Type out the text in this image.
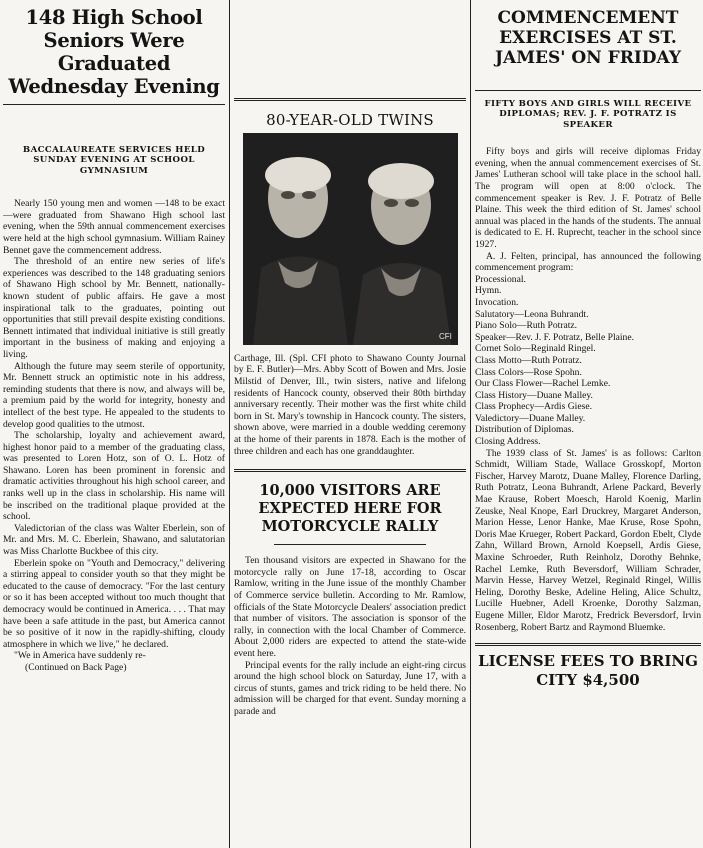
148 High School Seniors Were Graduated Wednesday Evening
BACCALAUREATE SERVICES HELD SUNDAY EVENING AT SCHOOL GYMNASIUM

Nearly 150 young men and women —148 to be exact—were graduated from Shawano High school last evening, when the 59th annual commencement exercises were held at the high school gymnasium. William Rainey Bennet gave the commencement address.

The threshold of an entire new series of life's experiences was described to the 148 graduating seniors of Shawano High school by Mr. Bennett, nationally-known student of public affairs. He gave a most inspirational talk to the graduates, pointing out opportunities that still prevail despite existing conditions. Bennett intimated that individual initiative is still greatly important in the business of making and enjoying a living.

Although the future may seem sterile of opportunity, Mr. Bennett struck an optimistic note in his address, reminding students that there is now, and always will be, a premium paid by the world for integrity, honesty and intellect of the best type. He appealed to the students to develop good qualities to the utmost.

The scholarship, loyalty and achievement award, highest honor paid to a member of the graduating class, was presented to Loren Hotz, son of O. L. Hotz of Shawano. Loren has been prominent in forensic and dramatic activities throughout his high school career, and ranks well up in the class in scholarship. His name will be inscribed on the traditional plaque provided at the school.

Valedictorian of the class was Walter Eberlein, son of Mr. and Mrs. M. C. Eberlein, Shawano, and salutatorian was Miss Charlotte Buckbee of this city.

Eberlein spoke on "Youth and Democracy," delivering a stirring appeal to consider youth so that they might be educated to the cause of democracy. "For the last century or so it has been accepted without too much thought that democracy would be continued in America. . . . That may have been a safe attitude in the past, but America cannot be so positive of it now in the rapidly-shifting, cloudy atmosphere in which we live," he declared.

"We in America have suddenly re-

(Continued on Back Page)

80-YEAR-OLD TWINS
CFI

Carthage, Ill. (Spl. CFI photo to Shawano County Journal by E. F. Butler)—Mrs. Abby Scott of Bowen and Mrs. Josie Milstid of Denver, Ill., twin sisters, native and lifelong residents of Hancock county, observed their 80th birthday anniversary recently. Their mother was the first white child born in St. Mary's township in Hancock county. The sisters, shown above, were married in a double wedding ceremony at the home of their parents in 1878. Each is the mother of three children and each has one granddaughter.

10,000 VISITORS ARE EXPECTED HERE FOR MOTORCYCLE RALLY

Ten thousand visitors are expected in Shawano for the motorcycle rally on June 17-18, according to Oscar Ramlow, writing in the June issue of the monthly Chamber of Commerce service bulletin. According to Mr. Ramlow, officials of the State Motorcycle Dealers' association predict that number of visitors. The association is sponsor of the rally, in connection with the local Chamber of Commerce. About 2,000 riders are expected to attend the state-wide event here.

Principal events for the rally include an eight-ring circus around the high school block on Saturday, June 17, with a circus of stunts, games and trick riding to be held there. No admission will be charged for that event. Sunday morning a parade and

COMMENCEMENT EXERCISES AT ST. JAMES' ON FRIDAY
FIFTY BOYS AND GIRLS WILL RECEIVE DIPLOMAS; REV. J. F. POTRATZ IS SPEAKER

Fifty boys and girls will receive diplomas Friday evening, when the annual commencement exercises of St. James' Lutheran school will take place in the school hall. The program will open at 8:00 o'clock. The commencement speaker is Rev. J. F. Potratz of Belle Plaine. This week the third edition of St. James' school annual was placed in the hands of the students. The annual is dedicated to E. H. Ruprecht, teacher in the school since 1927.

A. J. Felten, principal, has announced the following commencement program:

Processional.

Hymn.

Invocation.

Salutatory—Leona Buhrandt.

Piano Solo—Ruth Potratz.

Speaker—Rev. J. F. Potratz, Belle Plaine.

Cornet Solo—Reginald Ringel.

Class Motto—Ruth Potratz.

Class Colors—Rose Spohn.

Our Class Flower—Rachel Lemke.

Class History—Duane Malley.

Class Prophecy—Ardis Giese.

Valedictory—Duane Malley.

Distribution of Diplomas.

Closing Address.

The 1939 class of St. James' is as follows: Carlton Schmidt, William Stade, Wallace Grosskopf, Morton Fischer, Harvey Marotz, Duane Malley, Florence Darling, Ruth Potratz, Leona Buhrandt, Arlene Packard, Beverly Mae Krause, Robert Moesch, Harold Koenig, Marlin Zeuske, Neal Knope, Earl Druckrey, Margaret Anderson, Marion Hesse, Lenor Hanke, Mae Kruse, Rose Spohn, Doris Mae Krueger, Robert Packard, Gordon Ebelt, Clyde Zahn, Willard Brown, Arnold Koepsell, Ardis Giese, Maxine Schroeder, Ruth Reinholz, Dorothy Behnke, Rachel Lemke, Ruth Beversdorf, William Schrader, Marvin Hesse, Harvey Wetzel, Reginald Ringel, Willis Heling, Dorothy Beske, Adeline Heling, Alice Schultz, Lucille Huebner, Adell Kroenke, Dorothy Salzman, Eugene Miller, Eldor Marotz, Fredrick Beversdorf, Irvin Rosenberg, Robert Bartz and Raymond Bluemke.

LICENSE FEES TO BRING CITY $4,500
